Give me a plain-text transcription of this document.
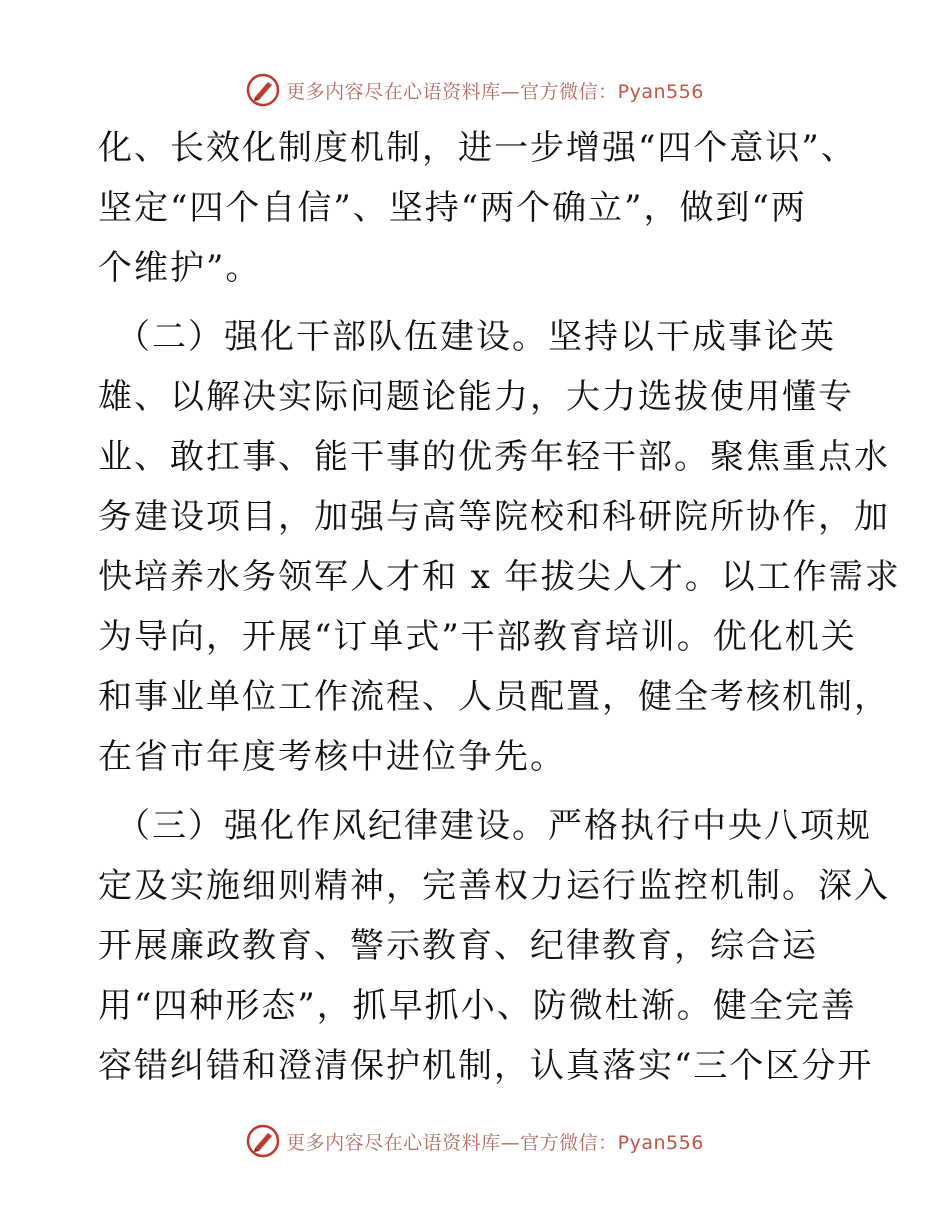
更多内容尽在心语资料库—官方微信：Pyan556
化、长效化制度机制，进一步增强“四个意识”、
坚定“四个自信”、坚持“两个确立”，做到“两
个维护”。
（二）强化干部队伍建设。坚持以干成事论英
雄、以解决实际问题论能力，大力选拔使用懂专
业、敢扛事、能干事的优秀年轻干部。聚焦重点水
务建设项目，加强与高等院校和科研院所协作，加
快培养水务领军人才和 x 年拔尖人才。以工作需求
为导向，开展“订单式”干部教育培训。优化机关
和事业单位工作流程、人员配置，健全考核机制，
在省市年度考核中进位争先。
（三）强化作风纪律建设。严格执行中央八项规
定及实施细则精神，完善权力运行监控机制。深入
开展廉政教育、警示教育、纪律教育，综合运
用“四种形态”，抓早抓小、防微杜渐。健全完善
容错纠错和澄清保护机制，认真落实“三个区分开
更多内容尽在心语资料库—官方微信：Pyan556
